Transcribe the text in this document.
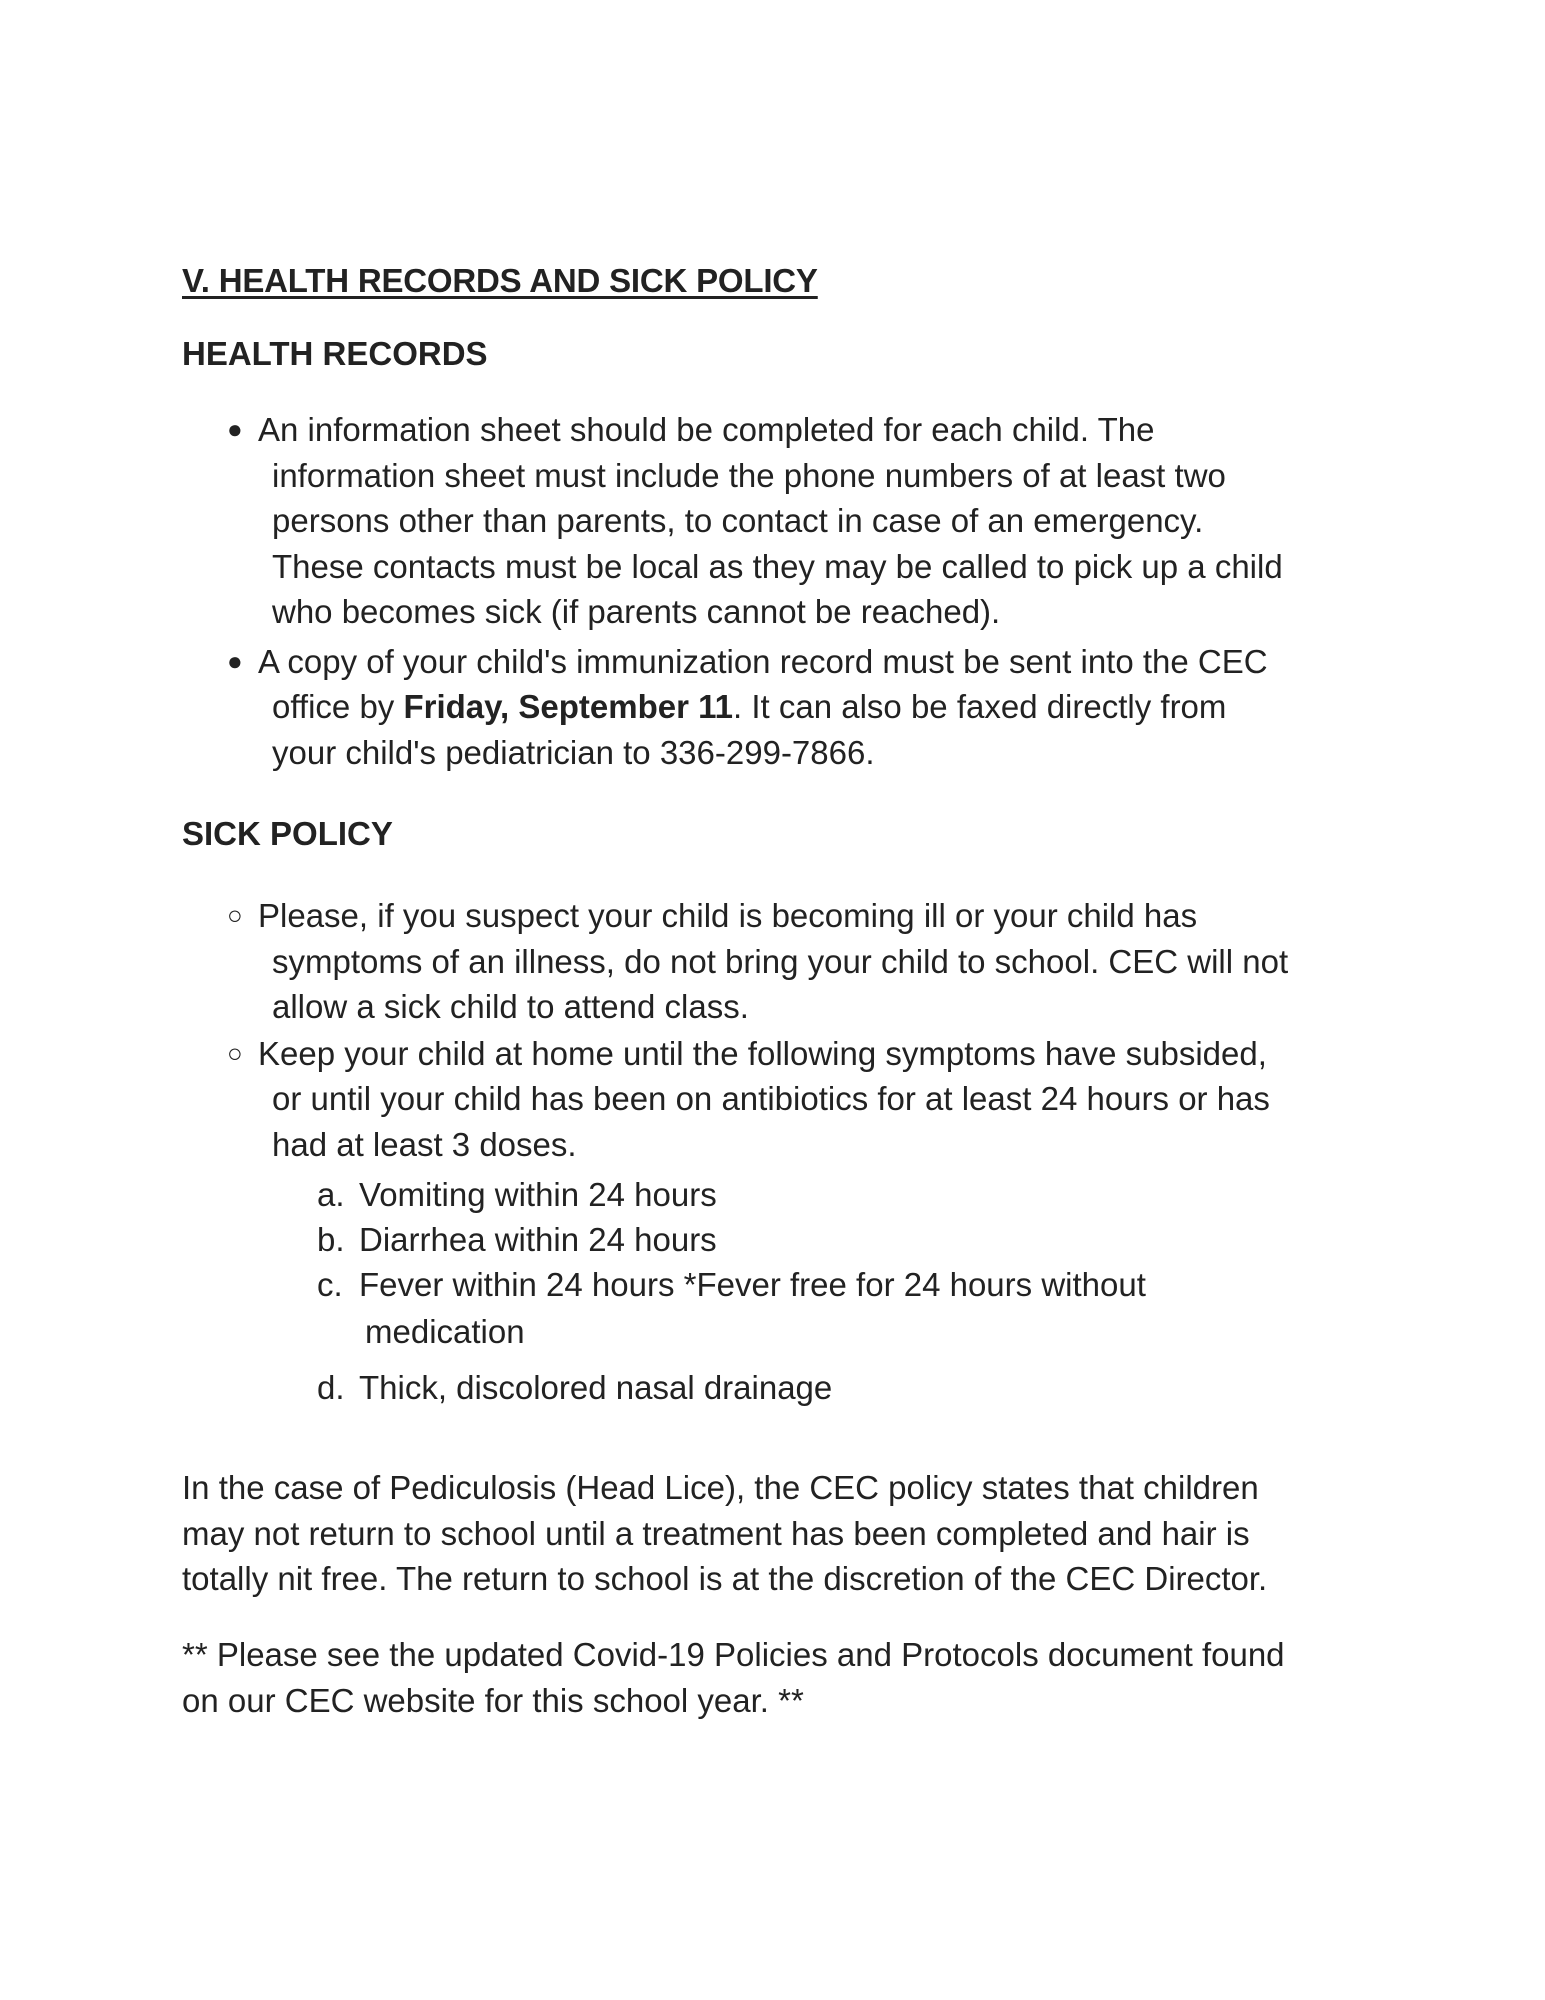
V. HEALTH RECORDS AND SICK POLICY
HEALTH RECORDS
● An information sheet should be completed for each child. The
information sheet must include the phone numbers of at least two
persons other than parents, to contact in case of an emergency.
These contacts must be local as they may be called to pick up a child
who becomes sick (if parents cannot be reached).
● A copy of your child's immunization record must be sent into the CEC
office by Friday, September 11. It can also be faxed directly from
your child's pediatrician to 336-299-7866.
SICK POLICY
○ Please, if you suspect your child is becoming ill or your child has
symptoms of an illness, do not bring your child to school. CEC will not
allow a sick child to attend class.
○ Keep your child at home until the following symptoms have subsided,
or until your child has been on antibiotics for at least 24 hours or has
had at least 3 doses.
a. Vomiting within 24 hours
b. Diarrhea within 24 hours
c. Fever within 24 hours *Fever free for 24 hours without
medication
d. Thick, discolored nasal drainage
In the case of Pediculosis (Head Lice), the CEC policy states that children
may not return to school until a treatment has been completed and hair is
totally nit free. The return to school is at the discretion of the CEC Director.
** Please see the updated Covid-19 Policies and Protocols document found
on our CEC website for this school year. **
